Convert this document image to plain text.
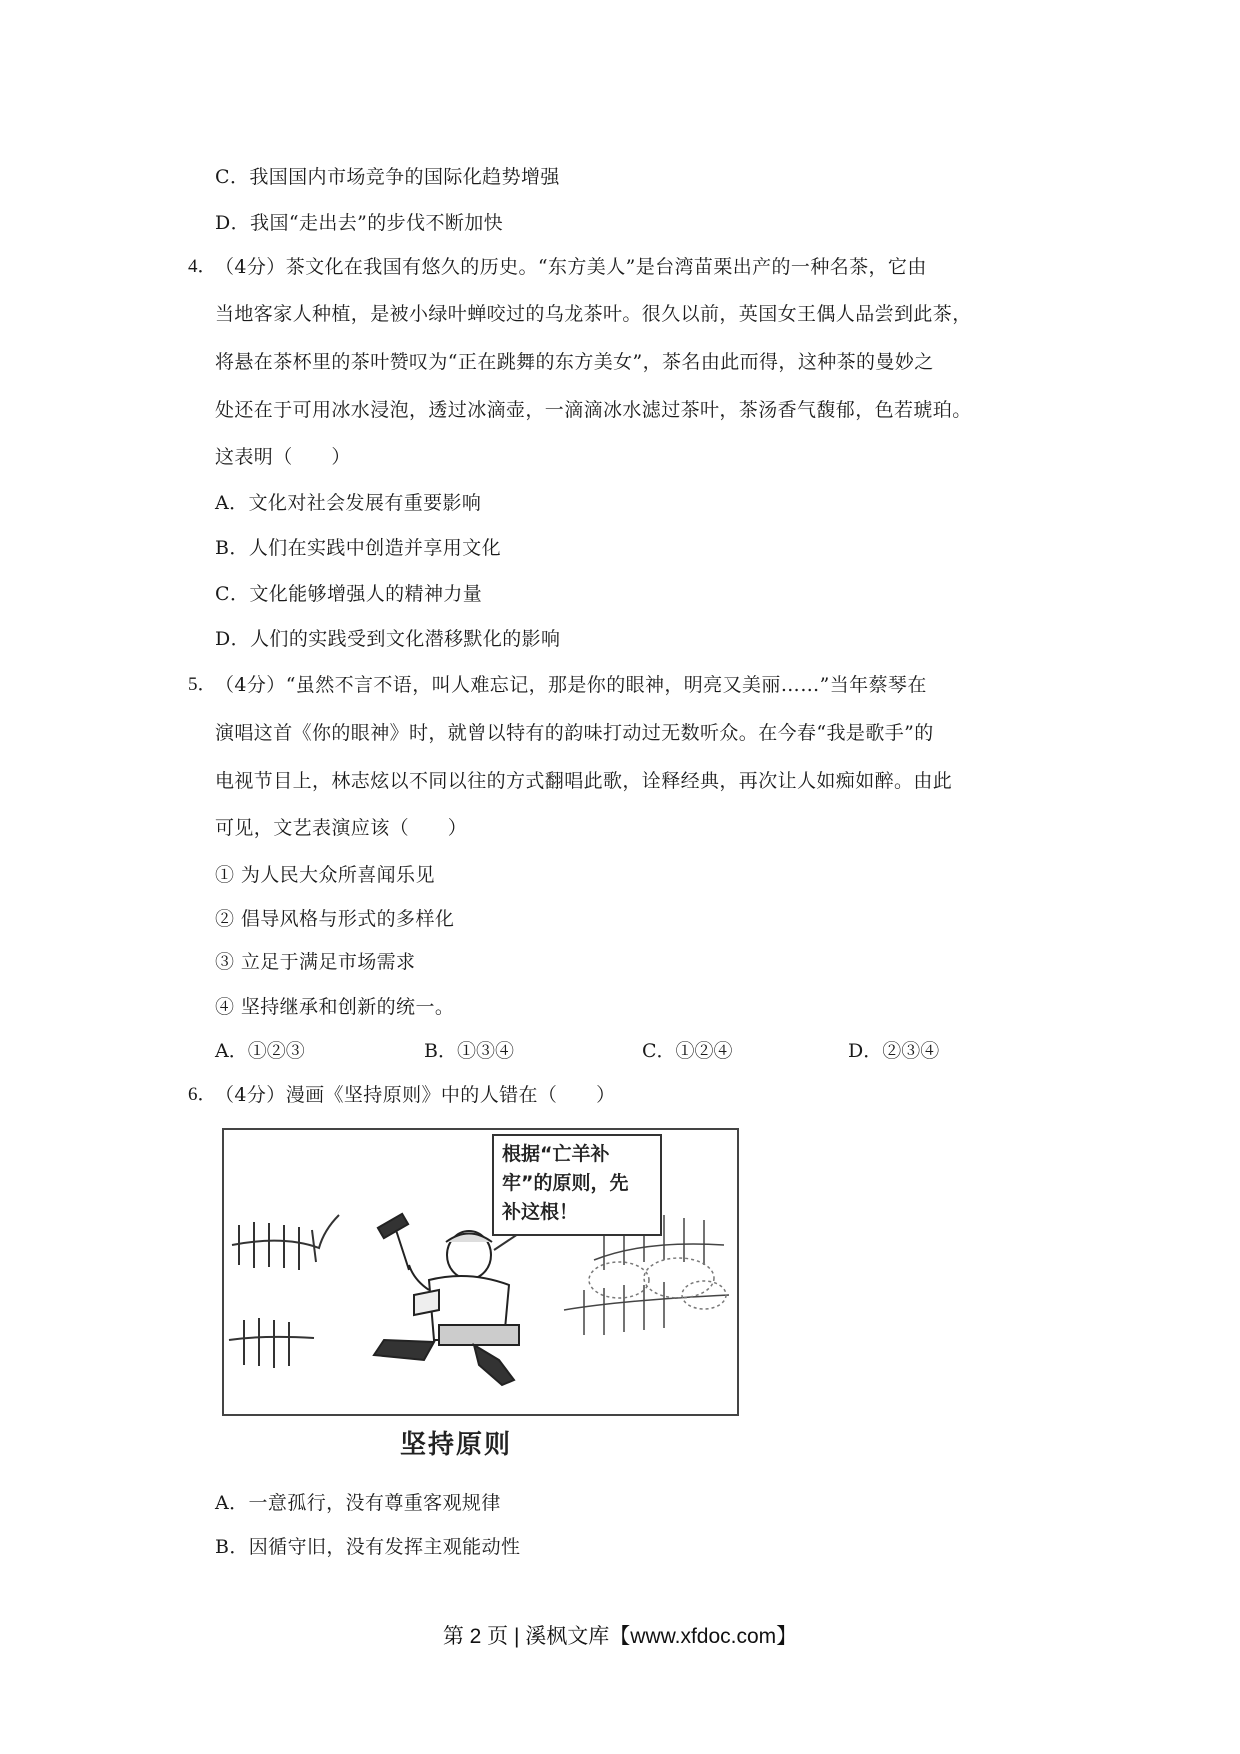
C．我国国内市场竞争的国际化趋势增强
D．我国“走出去”的步伐不断加快
4．
（4分）茶文化在我国有悠久的历史。“东方美人”是台湾苗栗出产的一种名茶，它由
当地客家人种植，是被小绿叶蝉咬过的乌龙茶叶。很久以前，英国女王偶人品尝到此茶，
将悬在茶杯里的茶叶赞叹为“正在跳舞的东方美女”，茶名由此而得，这种茶的曼妙之
处还在于可用冰水浸泡，透过冰滴壶，一滴滴冰水滤过茶叶，茶汤香气馥郁，色若琥珀。
这表明（　　）
A．文化对社会发展有重要影响
B．人们在实践中创造并享用文化
C．文化能够增强人的精神力量
D．人们的实践受到文化潜移默化的影响
5．
（4分）“虽然不言不语，叫人难忘记，那是你的眼神，明亮又美丽……”当年蔡琴在
演唱这首《你的眼神》时，就曾以特有的韵味打动过无数听众。在今春“我是歌手”的
电视节目上，林志炫以不同以往的方式翻唱此歌，诠释经典，再次让人如痴如醉。由此
可见，文艺表演应该（　　）
① 为人民大众所喜闻乐见
② 倡导风格与形式的多样化
③ 立足于满足市场需求
④ 坚持继承和创新的统一。
A．①②③	B．①③④	C．①②④	D．②③④
6．
（4分）漫画《坚持原则》中的人错在（　　）
根据“亡羊补
牢”的原则，先
补这根！
坚持原则
A．一意孤行，没有尊重客观规律
B．因循守旧，没有发挥主观能动性
第 2 页 | 溪枫文库【www.xfdoc.com】
